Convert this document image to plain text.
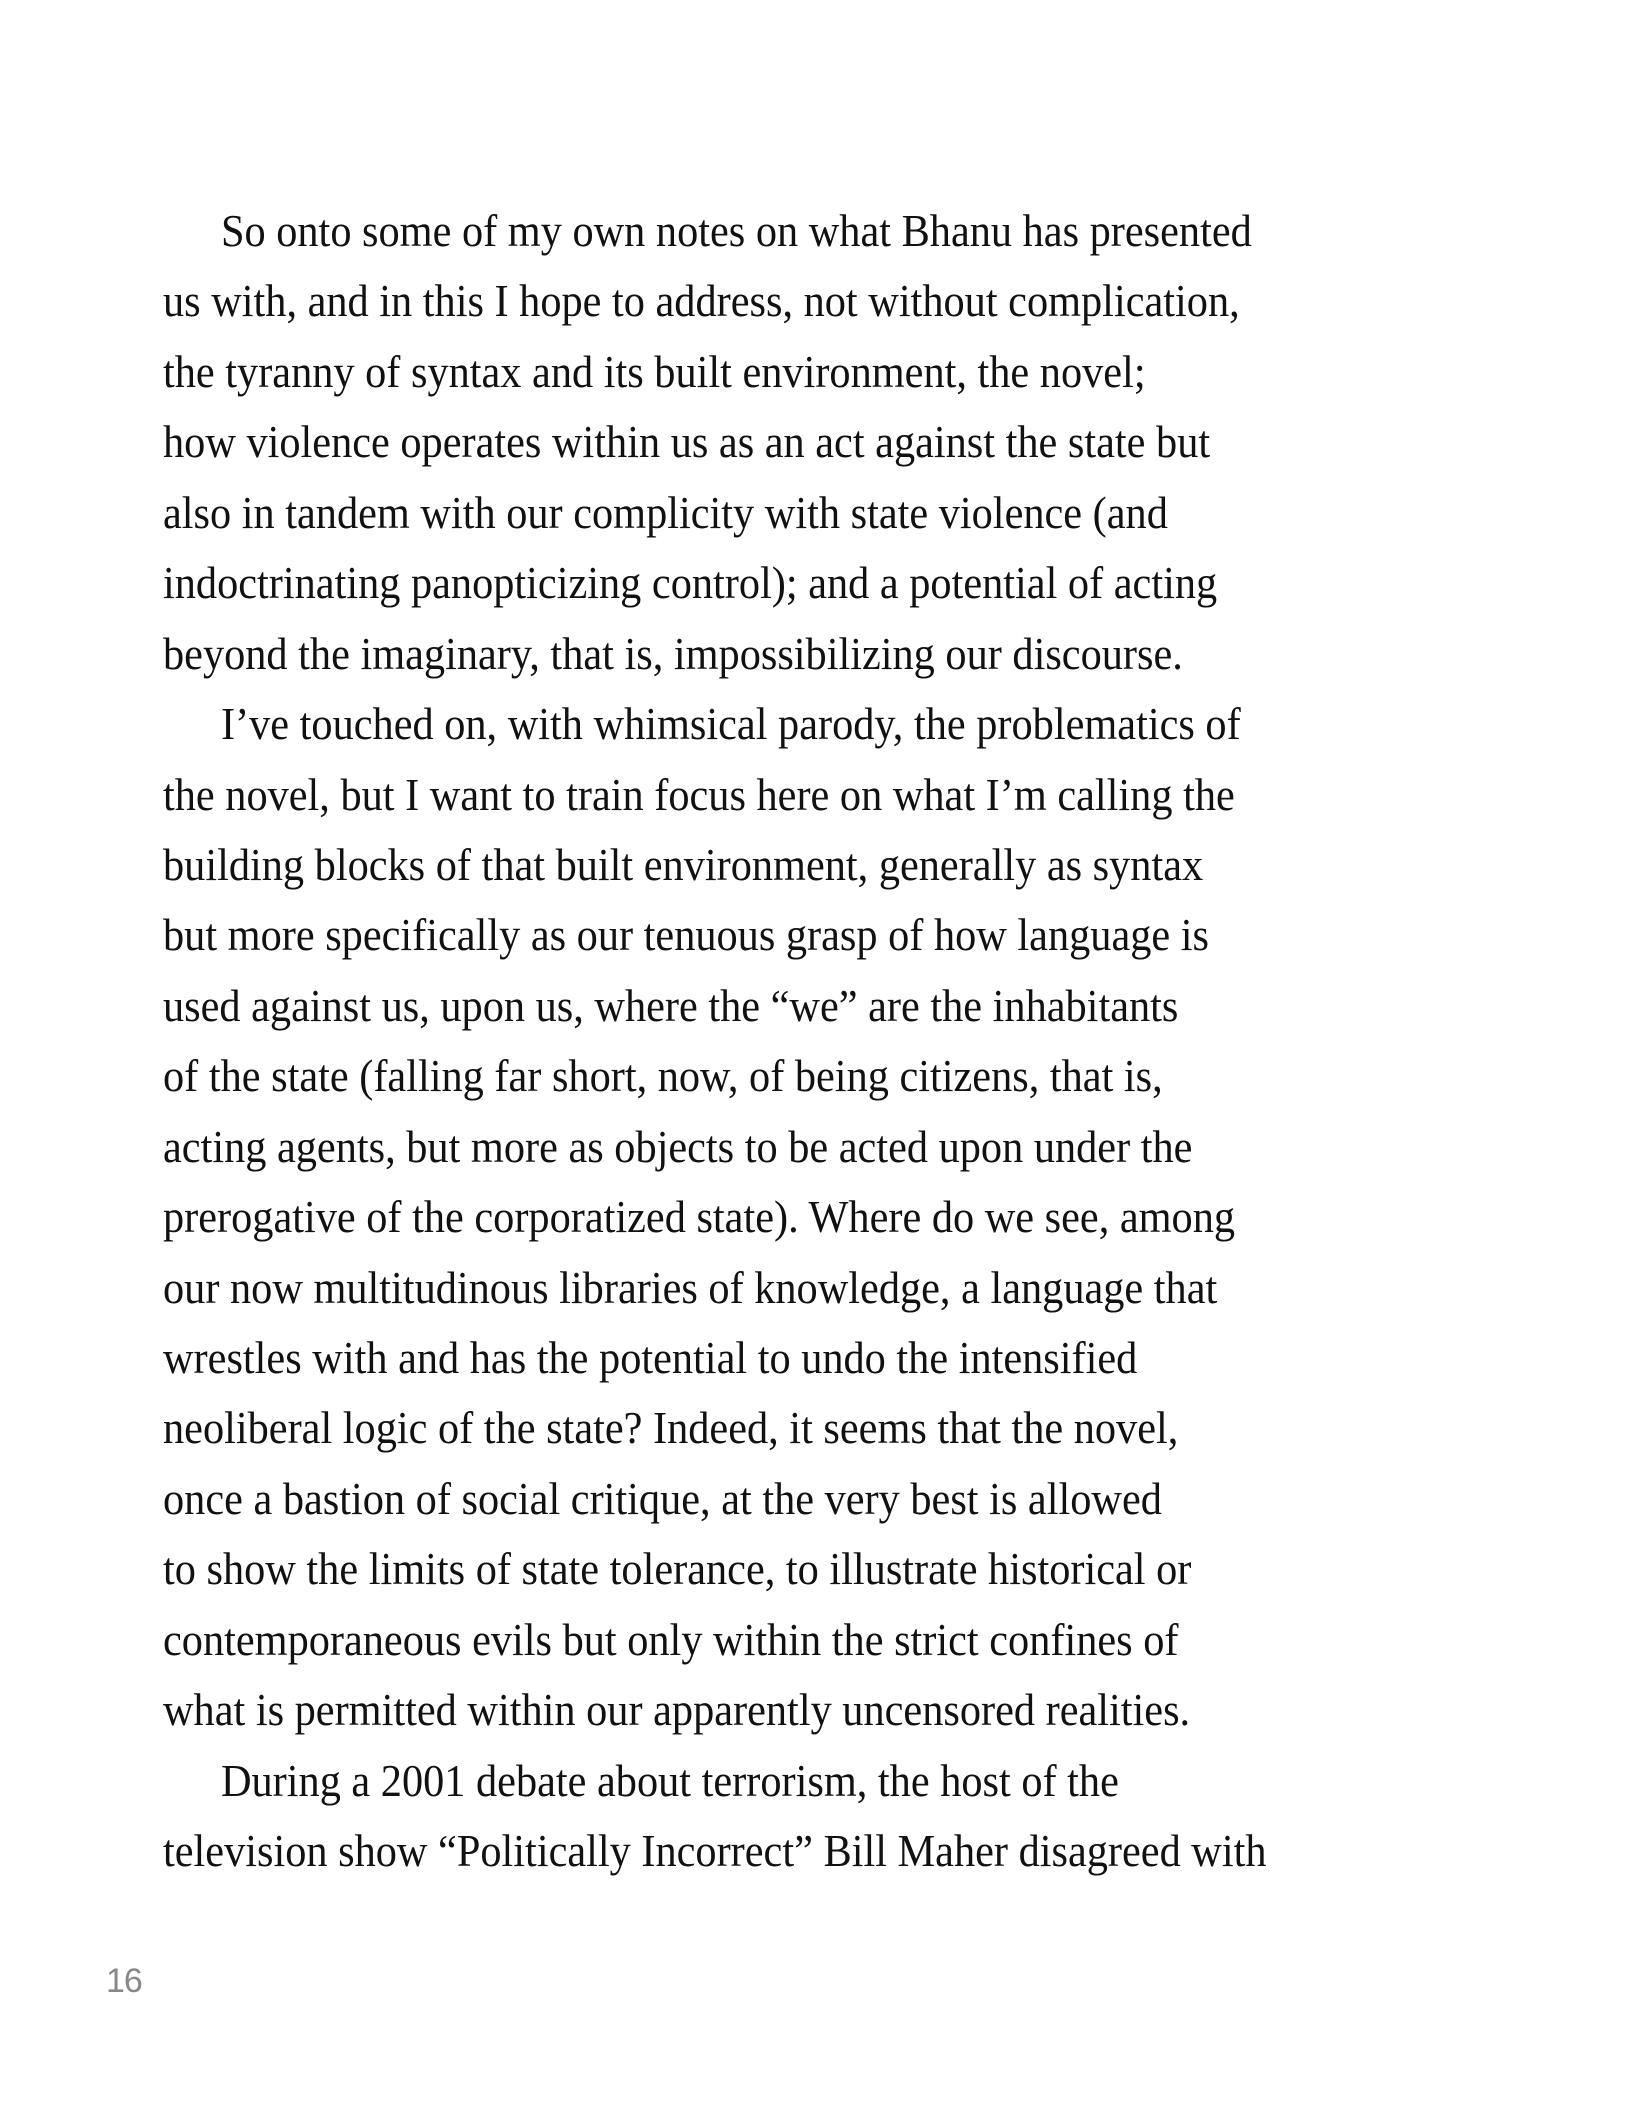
So onto some of my own notes on what Bhanu has presented
us with, and in this I hope to address, not without complication,
the tyranny of syntax and its built environment, the novel;
how violence operates within us as an act against the state but
also in tandem with our complicity with state violence (and
indoctrinating panopticizing control); and a potential of acting
beyond the imaginary, that is, impossibilizing our discourse.
I’ve touched on, with whimsical parody, the problematics of
the novel, but I want to train focus here on what I’m calling the
building blocks of that built environment, generally as syntax
but more specifically as our tenuous grasp of how language is
used against us, upon us, where the “we” are the inhabitants
of the state (falling far short, now, of being citizens, that is,
acting agents, but more as objects to be acted upon under the
prerogative of the corporatized state). Where do we see, among
our now multitudinous libraries of knowledge, a language that
wrestles with and has the potential to undo the intensified
neoliberal logic of the state? Indeed, it seems that the novel,
once a bastion of social critique, at the very best is allowed
to show the limits of state tolerance, to illustrate historical or
contemporaneous evils but only within the strict confines of
what is permitted within our apparently uncensored realities.
During a 2001 debate about terrorism, the host of the
television show “Politically Incorrect” Bill Maher disagreed with
16
